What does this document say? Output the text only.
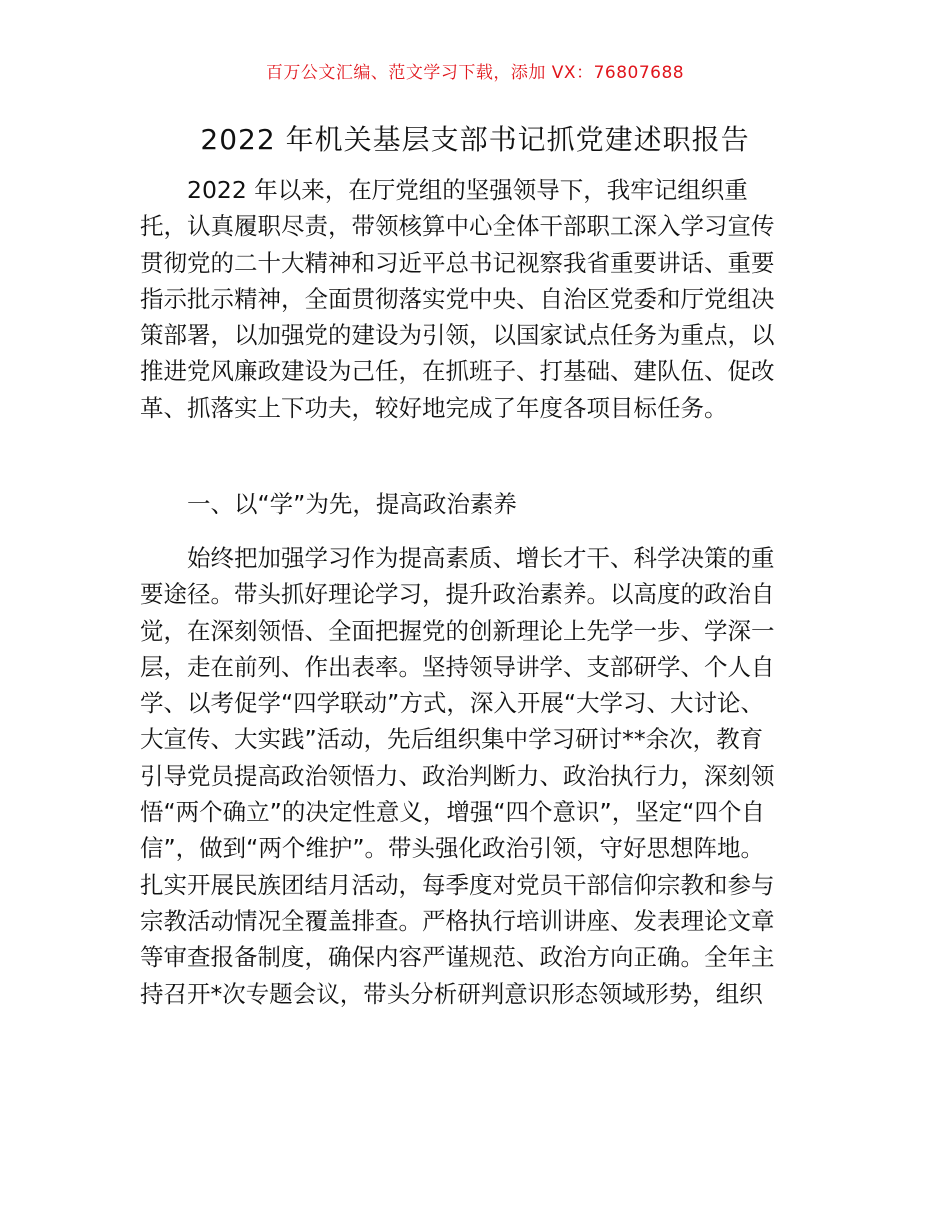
百万公文汇编、范文学习下载，添加 VX：76807688
2022 年机关基层支部书记抓党建述职报告
2022 年以来，在厅党组的坚强领导下，我牢记组织重
托，认真履职尽责，带领核算中心全体干部职工深入学习宣传
贯彻党的二十大精神和习近平总书记视察我省重要讲话、重要
指示批示精神，全面贯彻落实党中央、自治区党委和厅党组决
策部署，以加强党的建设为引领，以国家试点任务为重点，以
推进党风廉政建设为己任，在抓班子、打基础、建队伍、促改
革、抓落实上下功夫，较好地完成了年度各项目标任务。
一、以“学”为先，提高政治素养
始终把加强学习作为提高素质、增长才干、科学决策的重
要途径。带头抓好理论学习，提升政治素养。以高度的政治自
觉，在深刻领悟、全面把握党的创新理论上先学一步、学深一
层，走在前列、作出表率。坚持领导讲学、支部研学、个人自
学、以考促学“四学联动”方式，深入开展“大学习、大讨论、
大宣传、大实践”活动，先后组织集中学习研讨**余次，教育
引导党员提高政治领悟力、政治判断力、政治执行力，深刻领
悟“两个确立”的决定性意义，增强“四个意识”，坚定“四个自
信”，做到“两个维护”。带头强化政治引领，守好思想阵地。
扎实开展民族团结月活动，每季度对党员干部信仰宗教和参与
宗教活动情况全覆盖排查。严格执行培训讲座、发表理论文章
等审查报备制度，确保内容严谨规范、政治方向正确。全年主
持召开*次专题会议，带头分析研判意识形态领域形势，组织
